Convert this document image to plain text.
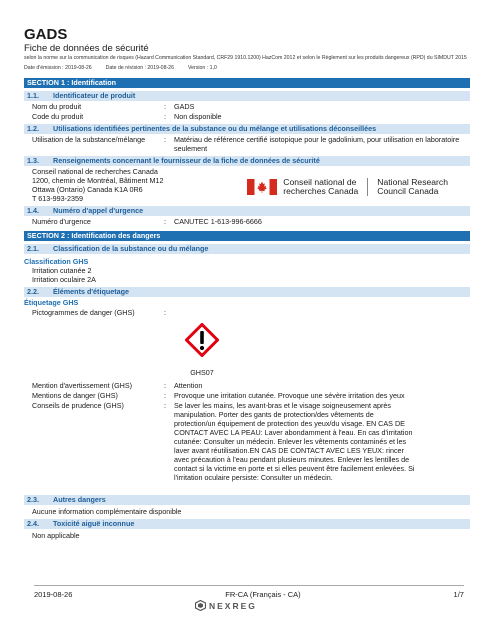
GADS

Fiche de données de sécurité

selon la norme sur la communication de risques (Hazard Communication Standard, CRF29 1910.1200) HazCom 2012 et selon le Règlement sur les produits dangereux (RPD) du SIMDUT 2015
Date d'émission : 2019-08-26	Date de révision : 2019-08-26	Version : 1,0
SECTION 1 : Identification
1.1.	Identificateur de produit
Nom du produit	:	GADS
Code du produit	:	Non disponible
1.2.	Utilisations identifiées pertinentes de la substance ou du mélange et utilisations déconseillées
Utilisation de la substance/mélange	:	Matériau de référence certifié isotopique pour le gadolinium, pour utilisation en laboratoire seulement
1.3.	Renseignements concernant le fournisseur de la fiche de données de sécurité
Conseil national de recherches Canada
1200, chemin de Montréal, Bâtiment M12
Ottawa (Ontario) Canada K1A 0R6
T 613-993-2359
Conseil national de
recherches Canada
National Research
Council Canada
1.4.	Numéro d'appel d'urgence
Numéro d'urgence	:	CANUTEC 1-613-996-6666
SECTION 2 : Identification des dangers
2.1.	Classification de la substance ou du mélange
Classification GHS
Irritation cutanée 2
Irritation oculaire 2A
2.2.	Éléments d'étiquetage
Étiquetage GHS
Pictogrammes de danger (GHS)	:
GHS07
Mention d'avertissement (GHS)	:	Attention
Mentions de danger (GHS)	:	Provoque une irritation cutanée. Provoque une sévère irritation des yeux
Conseils de prudence (GHS)	:	Se laver les mains, les avant-bras et le visage soigneusement après
manipulation. Porter des gants de protection/des vêtements de
protection/un équipement de protection des yeux/du visage. EN CAS DE
CONTACT AVEC LA PEAU: Laver abondamment à l'eau. En cas d'irritation
cutanée: Consulter un médecin. Enlever les vêtements contaminés et les
laver avant réutilisation.EN CAS DE CONTACT AVEC LES YEUX: rincer
avec précaution à l'eau pendant plusieurs minutes. Enlever les lentilles de
contact si la victime en porte et si elles peuvent être facilement enlevées. Si
l'irritation oculaire persiste: Consulter un médecin.
2.3.	Autres dangers
Aucune information complémentaire disponible
2.4.	Toxicité aiguë inconnue
Non applicable
2019-08-26	FR-CA (Français - CA)	1/7
NEXREG
